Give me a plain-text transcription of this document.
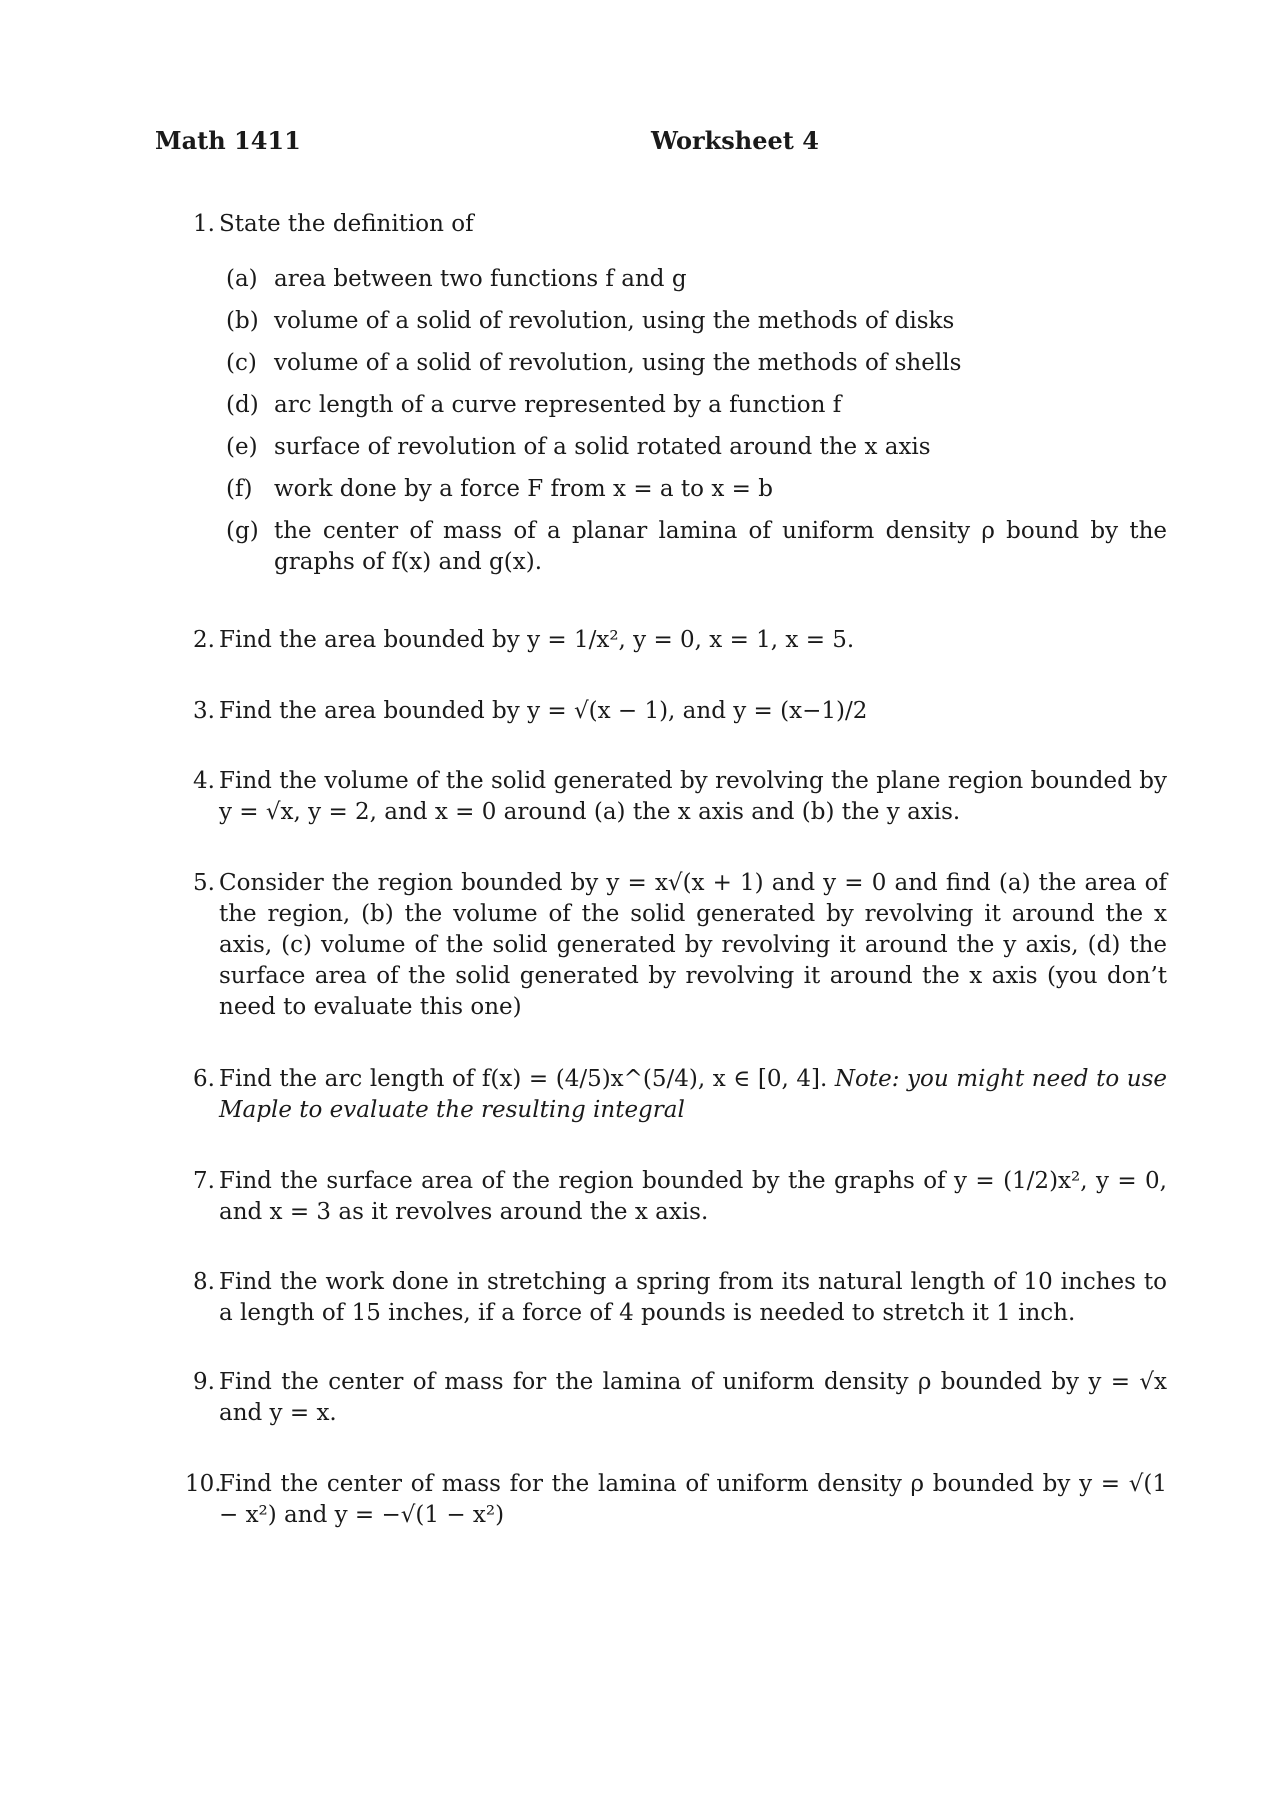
Math 1411	Worksheet 4
1. State the definition of
(a) area between two functions f and g
(b) volume of a solid of revolution, using the methods of disks
(c) volume of a solid of revolution, using the methods of shells
(d) arc length of a curve represented by a function f
(e) surface of revolution of a solid rotated around the x axis
(f) work done by a force F from x = a to x = b
(g) the center of mass of a planar lamina of uniform density ρ bound by the graphs of f(x) and g(x).
2. Find the area bounded by y = 1/x², y = 0, x = 1, x = 5.
3. Find the area bounded by y = √(x − 1), and y = (x−1)/2
4. Find the volume of the solid generated by revolving the plane region bounded by y = √x, y = 2, and x = 0 around (a) the x axis and (b) the y axis.
5. Consider the region bounded by y = x√(x + 1) and y = 0 and find (a) the area of the region, (b) the volume of the solid generated by revolving it around the x axis, (c) volume of the solid generated by revolving it around the y axis, (d) the surface area of the solid generated by revolving it around the x axis (you don’t need to evaluate this one)
6. Find the arc length of f(x) = (4/5)x^(5/4), x ∈ [0, 4]. Note: you might need to use Maple to evaluate the resulting integral
7. Find the surface area of the region bounded by the graphs of y = (1/2)x², y = 0, and x = 3 as it revolves around the x axis.
8. Find the work done in stretching a spring from its natural length of 10 inches to a length of 15 inches, if a force of 4 pounds is needed to stretch it 1 inch.
9. Find the center of mass for the lamina of uniform density ρ bounded by y = √x and y = x.
10.
Find the center of mass for the lamina of uniform density ρ bounded by y = √(1 − x²) and y = −√(1 − x²)
